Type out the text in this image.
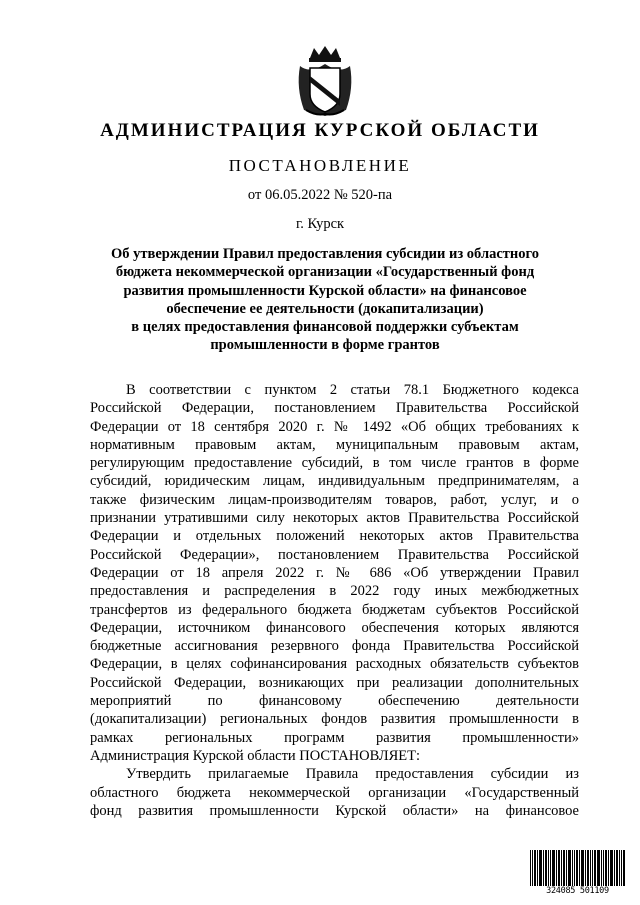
АДМИНИСТРАЦИЯ КУРСКОЙ ОБЛАСТИ
ПОСТАНОВЛЕНИЕ
от 06.05.2022 № 520-па
г. Курск
Об утверждении Правил предоставления субсидии из областного
бюджета некоммерческой организации «Государственный фонд
развития промышленности Курской области» на финансовое
обеспечение ее деятельности (докапитализации)
в целях предоставления финансовой поддержки субъектам
промышленности в форме грантов
В соответствии с пунктом 2 статьи 78.1 Бюджетного кодекса
Российской Федерации, постановлением Правительства Российской
Федерации от 18 сентября 2020 г. № 1492 «Об общих требованиях к
нормативным правовым актам, муниципальным правовым актам,
регулирующим предоставление субсидий, в том числе грантов в форме
субсидий, юридическим лицам, индивидуальным предпринимателям, а
также физическим лицам-производителям товаров, работ, услуг, и о
признании утратившими силу некоторых актов Правительства Российской
Федерации и отдельных положений некоторых актов Правительства
Российской Федерации», постановлением Правительства Российской
Федерации от 18 апреля 2022 г. № 686 «Об утверждении Правил
предоставления и распределения в 2022 году иных межбюджетных
трансфертов из федерального бюджета бюджетам субъектов Российской
Федерации, источником финансового обеспечения которых являются
бюджетные ассигнования резервного фонда Правительства Российской
Федерации, в целях софинансирования расходных обязательств субъектов
Российской Федерации, возникающих при реализации дополнительных
мероприятий по финансовому обеспечению деятельности
(докапитализации) региональных фондов развития промышленности в
рамках региональных программ развития промышленности»
Администрация Курской области ПОСТАНОВЛЯЕТ:
Утвердить прилагаемые Правила предоставления субсидии из
областного бюджета некоммерческой организации «Государственный
фонд развития промышленности Курской области» на финансовое
324085 501109
